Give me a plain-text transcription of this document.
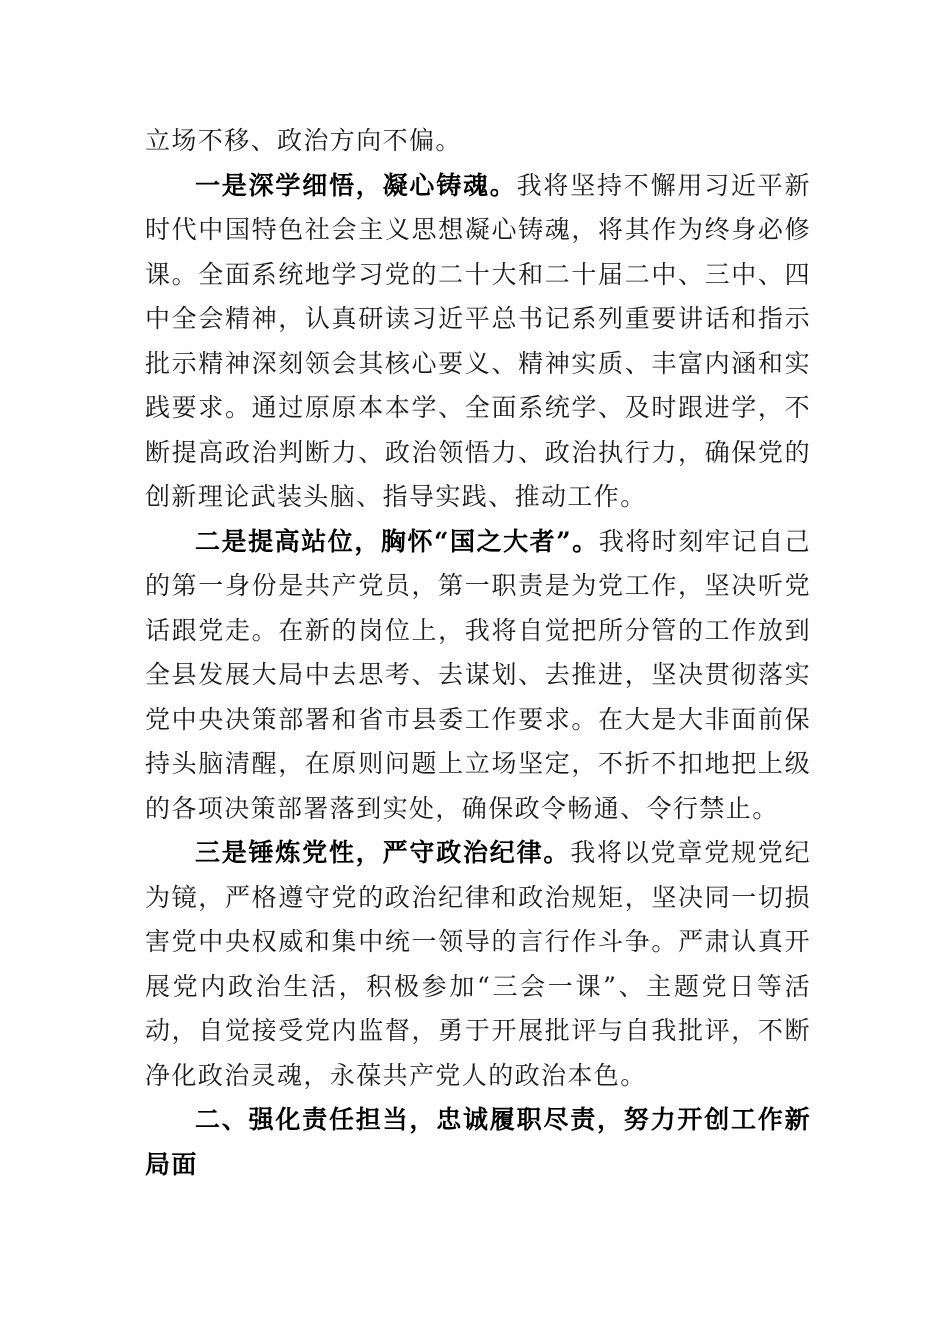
立场不移、政治方向不偏。

一是深学细悟，凝心铸魂。我将坚持不懈用习近平新时代中国特色社会主义思想凝心铸魂，将其作为终身必修课。全面系统地学习党的二十大和二十届二中、三中、四中全会精神，认真研读习近平总书记系列重要讲话和指示批示精神深刻领会其核心要义、精神实质、丰富内涵和实践要求。通过原原本本学、全面系统学、及时跟进学，不断提高政治判断力、政治领悟力、政治执行力，确保党的创新理论武装头脑、指导实践、推动工作。

二是提高站位，胸怀“国之大者”。我将时刻牢记自己的第一身份是共产党员，第一职责是为党工作，坚决听党话跟党走。在新的岗位上，我将自觉把所分管的工作放到全县发展大局中去思考、去谋划、去推进，坚决贯彻落实党中央决策部署和省市县委工作要求。在大是大非面前保持头脑清醒，在原则问题上立场坚定，不折不扣地把上级的各项决策部署落到实处，确保政令畅通、令行禁止。

三是锤炼党性，严守政治纪律。我将以党章党规党纪为镜，严格遵守党的政治纪律和政治规矩，坚决同一切损害党中央权威和集中统一领导的言行作斗争。严肃认真开展党内政治生活，积极参加“三会一课”、主题党日等活动，自觉接受党内监督，勇于开展批评与自我批评，不断净化政治灵魂，永葆共产党人的政治本色。

二、强化责任担当，忠诚履职尽责，努力开创工作新局面
